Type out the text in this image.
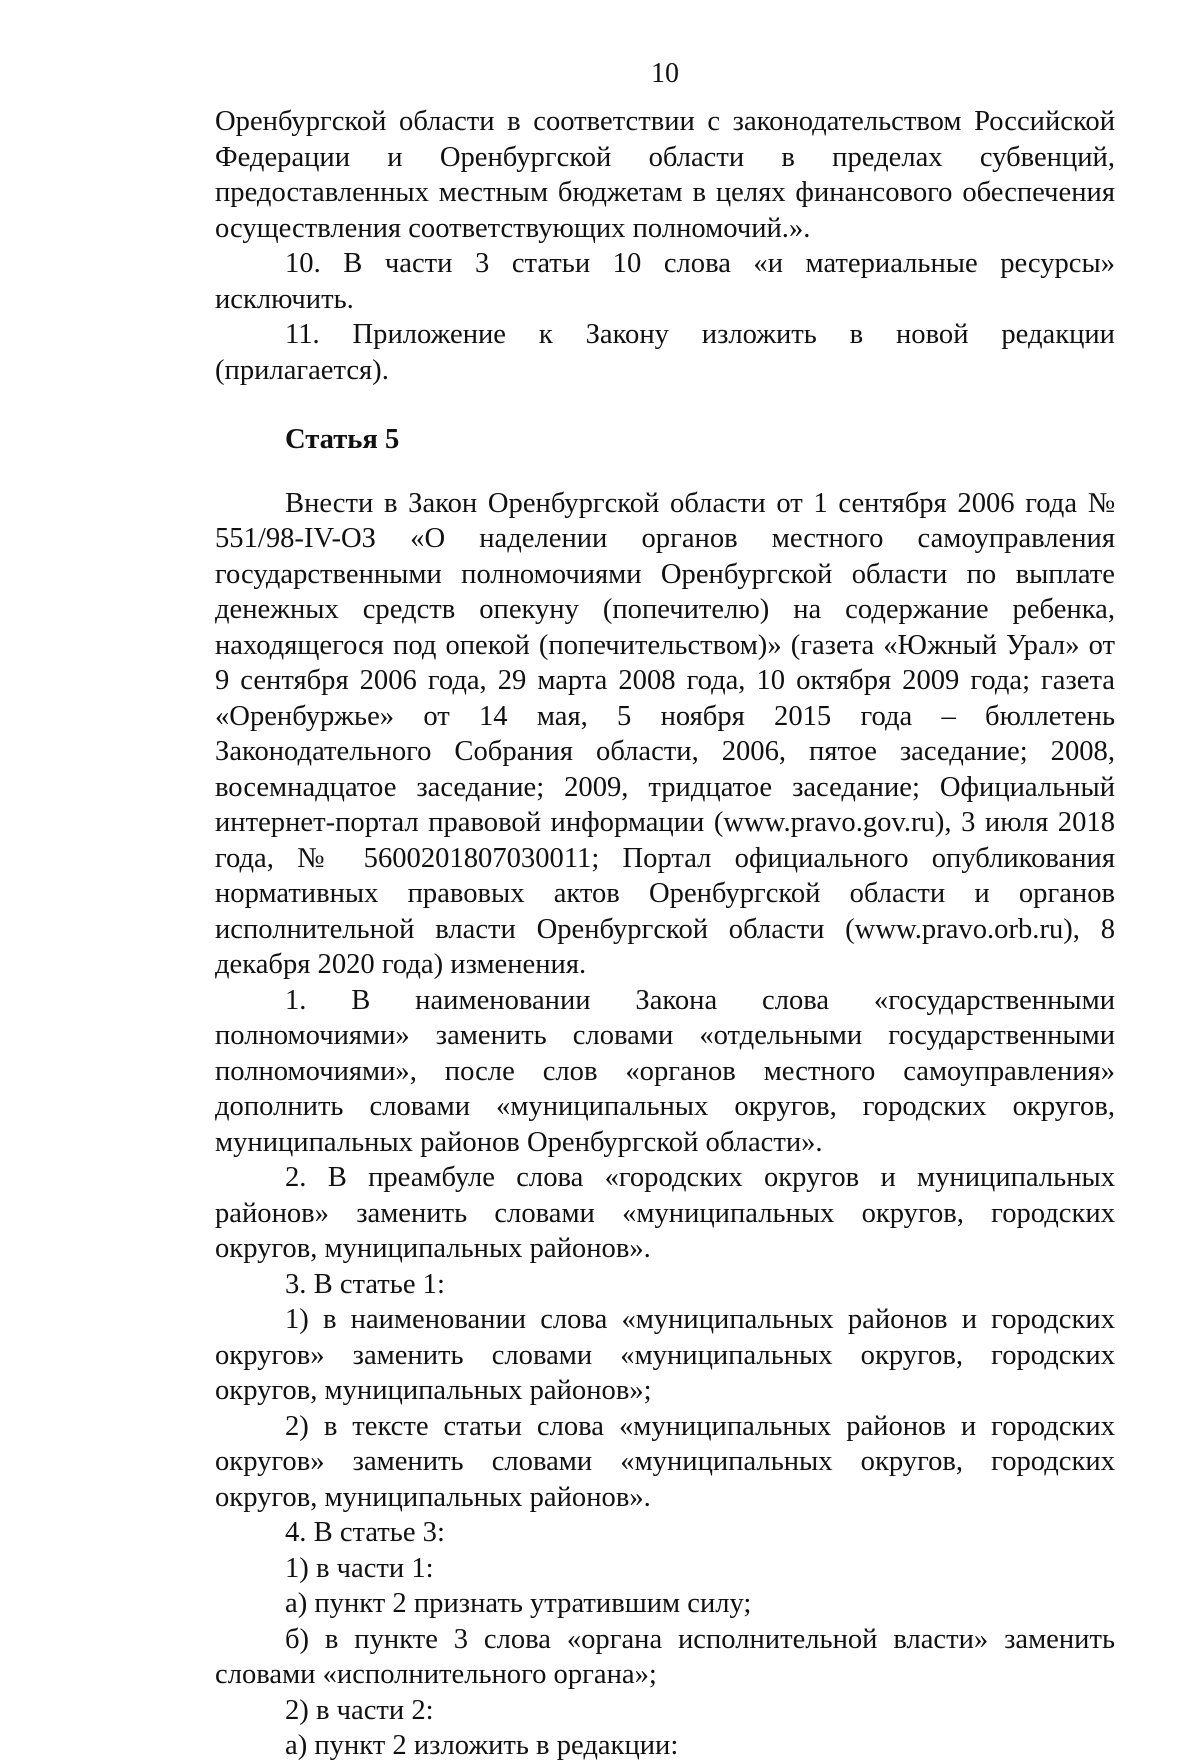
10

Оренбургской области в соответствии с законодательством Российской Федерации и Оренбургской области в пределах субвенций, предоставленных местным бюджетам в целях финансового обеспечения осуществления соответствующих полномочий.».

10. В части 3 статьи 10 слова «и материальные ресурсы» исключить.

11. Приложение к Закону изложить в новой редакции (прилагается).

Статья 5

Внести в Закон Оренбургской области от 1 сентября 2006 года № 551/98-IV-ОЗ «О наделении органов местного самоуправления государственными полномочиями Оренбургской области по выплате денежных средств опекуну (попечителю) на содержание ребенка, находящегося под опекой (попечительством)» (газета «Южный Урал» от 9 сентября 2006 года, 29 марта 2008 года, 10 октября 2009 года; газета «Оренбуржье» от 14 мая, 5 ноября 2015 года – бюллетень Законодательного Собрания области, 2006, пятое заседание; 2008, восемнадцатое заседание; 2009, тридцатое заседание; Официальный интернет-портал правовой информации (www.pravo.gov.ru), 3 июля 2018 года, № 5600201807030011; Портал официального опубликования нормативных правовых актов Оренбургской области и органов исполнительной власти Оренбургской области (www.pravo.orb.ru), 8 декабря 2020 года) изменения.

1. В наименовании Закона слова «государственными полномочиями» заменить словами «отдельными государственными полномочиями», после слов «органов местного самоуправления» дополнить словами «муниципальных округов, городских округов, муниципальных районов Оренбургской области».

2. В преамбуле слова «городских округов и муниципальных районов» заменить словами «муниципальных округов, городских округов, муниципальных районов».

3. В статье 1:

1) в наименовании слова «муниципальных районов и городских округов» заменить словами «муниципальных округов, городских округов, муниципальных районов»;

2) в тексте статьи слова «муниципальных районов и городских округов» заменить словами «муниципальных округов, городских округов, муниципальных районов».

4. В статье 3:

1) в части 1:

а) пункт 2 признать утратившим силу;

б) в пункте 3 слова «органа исполнительной власти» заменить словами «исполнительного органа»;

2) в части 2:

а) пункт 2 изложить в редакции:
